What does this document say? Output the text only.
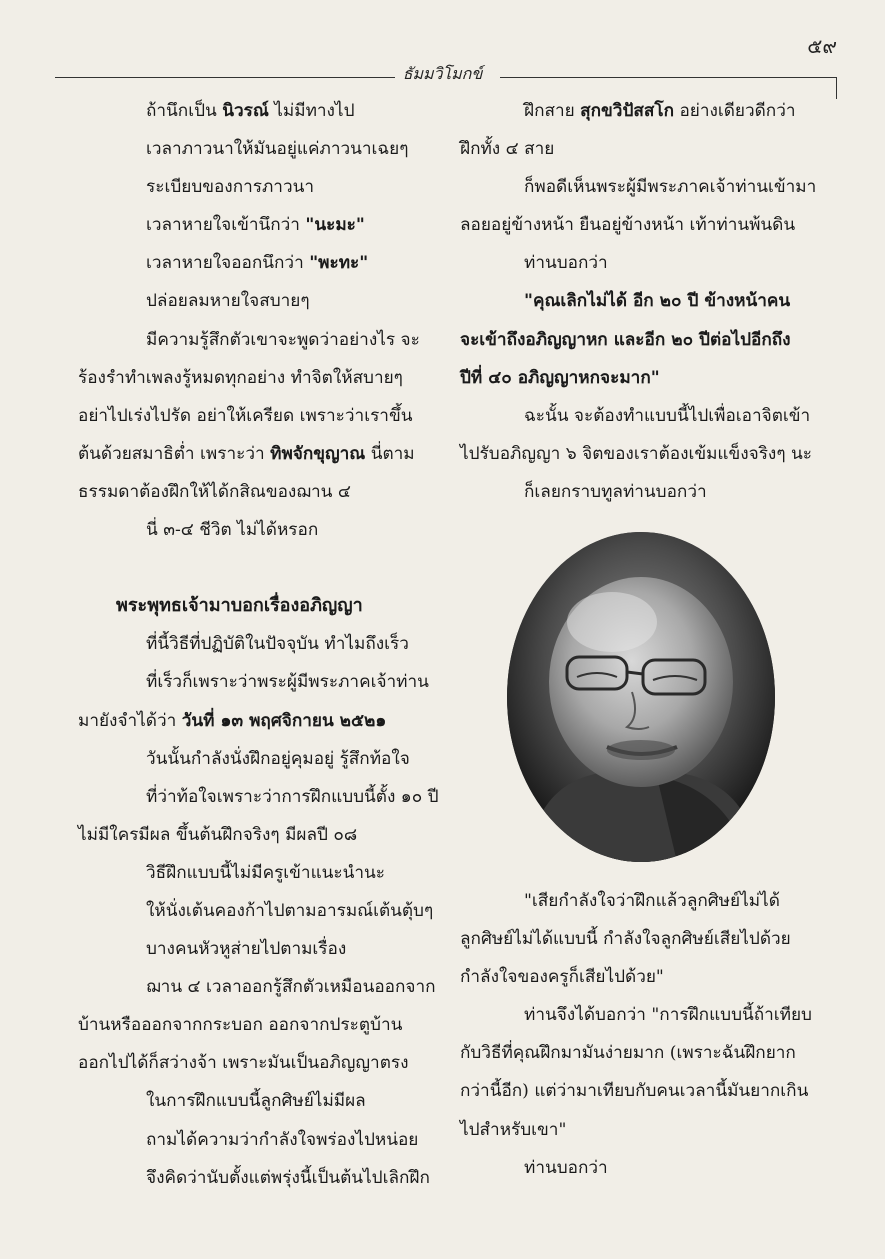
๕๙
ธัมมวิโมกข์
ถ้านึกเป็น นิวรณ์ ไม่มีทางไป
เวลาภาวนาให้มันอยู่แค่ภาวนาเฉยๆ
ระเบียบของการภาวนา
เวลาหายใจเข้านึกว่า "นะมะ"
เวลาหายใจออกนึกว่า "พะทะ"
ปล่อยลมหายใจสบายๆ
มีความรู้สึกตัวเขาจะพูดว่าอย่างไร จะ
ร้องรำทำเพลงรู้หมดทุกอย่าง ทำจิตให้สบายๆ
อย่าไปเร่งไปรัด อย่าให้เครียด เพราะว่าเราขึ้น
ต้นด้วยสมาธิต่ำ เพราะว่า ทิพจักขุญาณ นี่ตาม
ธรรมดาต้องฝึกให้ได้กสิณของฌาน ๔
นี่ ๓-๔ ชีวิต ไม่ได้หรอก
พระพุทธเจ้ามาบอกเรื่องอภิญญา
ที่นี้วิธีที่ปฏิบัติในปัจจุบัน ทำไมถึงเร็ว
ที่เร็วก็เพราะว่าพระผู้มีพระภาคเจ้าท่าน
มายังจำได้ว่า วันที่ ๑๓ พฤศจิกายน ๒๕๒๑
วันนั้นกำลังนั่งฝึกอยู่คุมอยู่ รู้สึกท้อใจ
ที่ว่าท้อใจเพราะว่าการฝึกแบบนี้ตั้ง ๑๐ ปี
ไม่มีใครมีผล ขึ้นต้นฝึกจริงๆ มีผลปี ๐๘
วิธีฝึกแบบนี้ไม่มีครูเข้าแนะนำนะ
ให้นั่งเต้นคองก้าไปตามอารมณ์เต้นตุ้บๆ
บางคนหัวหูส่ายไปตามเรื่อง
ฌาน ๔ เวลาออกรู้สึกตัวเหมือนออกจาก
บ้านหรือออกจากกระบอก ออกจากประตูบ้าน
ออกไปได้ก็สว่างจ้า เพราะมันเป็นอภิญญาตรง
ในการฝึกแบบนี้ลูกศิษย์ไม่มีผล
ถามได้ความว่ากำลังใจพร่องไปหน่อย
จึงคิดว่านับตั้งแต่พรุ่งนี้เป็นต้นไปเลิกฝึก
ฝึกสาย สุกขวิปัสสโก อย่างเดียวดีกว่า
ฝึกทั้ง ๔ สาย
ก็พอดีเห็นพระผู้มีพระภาคเจ้าท่านเข้ามา
ลอยอยู่ข้างหน้า ยืนอยู่ข้างหน้า เท้าท่านพ้นดิน
ท่านบอกว่า
"คุณเลิกไม่ได้ อีก ๒๐ ปี ข้างหน้าคน
จะเข้าถึงอภิญญาหก และอีก ๒๐ ปีต่อไปอีกถึง
ปีที่ ๔๐ อภิญญาหกจะมาก"
ฉะนั้น จะต้องทำแบบนี้ไปเพื่อเอาจิตเข้า
ไปรับอภิญญา ๖ จิตของเราต้องเข้มแข็งจริงๆ นะ
ก็เลยกราบทูลท่านบอกว่า
"เสียกำลังใจว่าฝึกแล้วลูกศิษย์ไม่ได้
ลูกศิษย์ไม่ได้แบบนี้ กำลังใจลูกศิษย์เสียไปด้วย
กำลังใจของครูก็เสียไปด้วย"
ท่านจึงได้บอกว่า "การฝึกแบบนี้ถ้าเทียบ
กับวิธีที่คุณฝึกมามันง่ายมาก (เพราะฉันฝึกยาก
กว่านี้อีก) แต่ว่ามาเทียบกับคนเวลานี้มันยากเกิน
ไปสำหรับเขา"
ท่านบอกว่า
